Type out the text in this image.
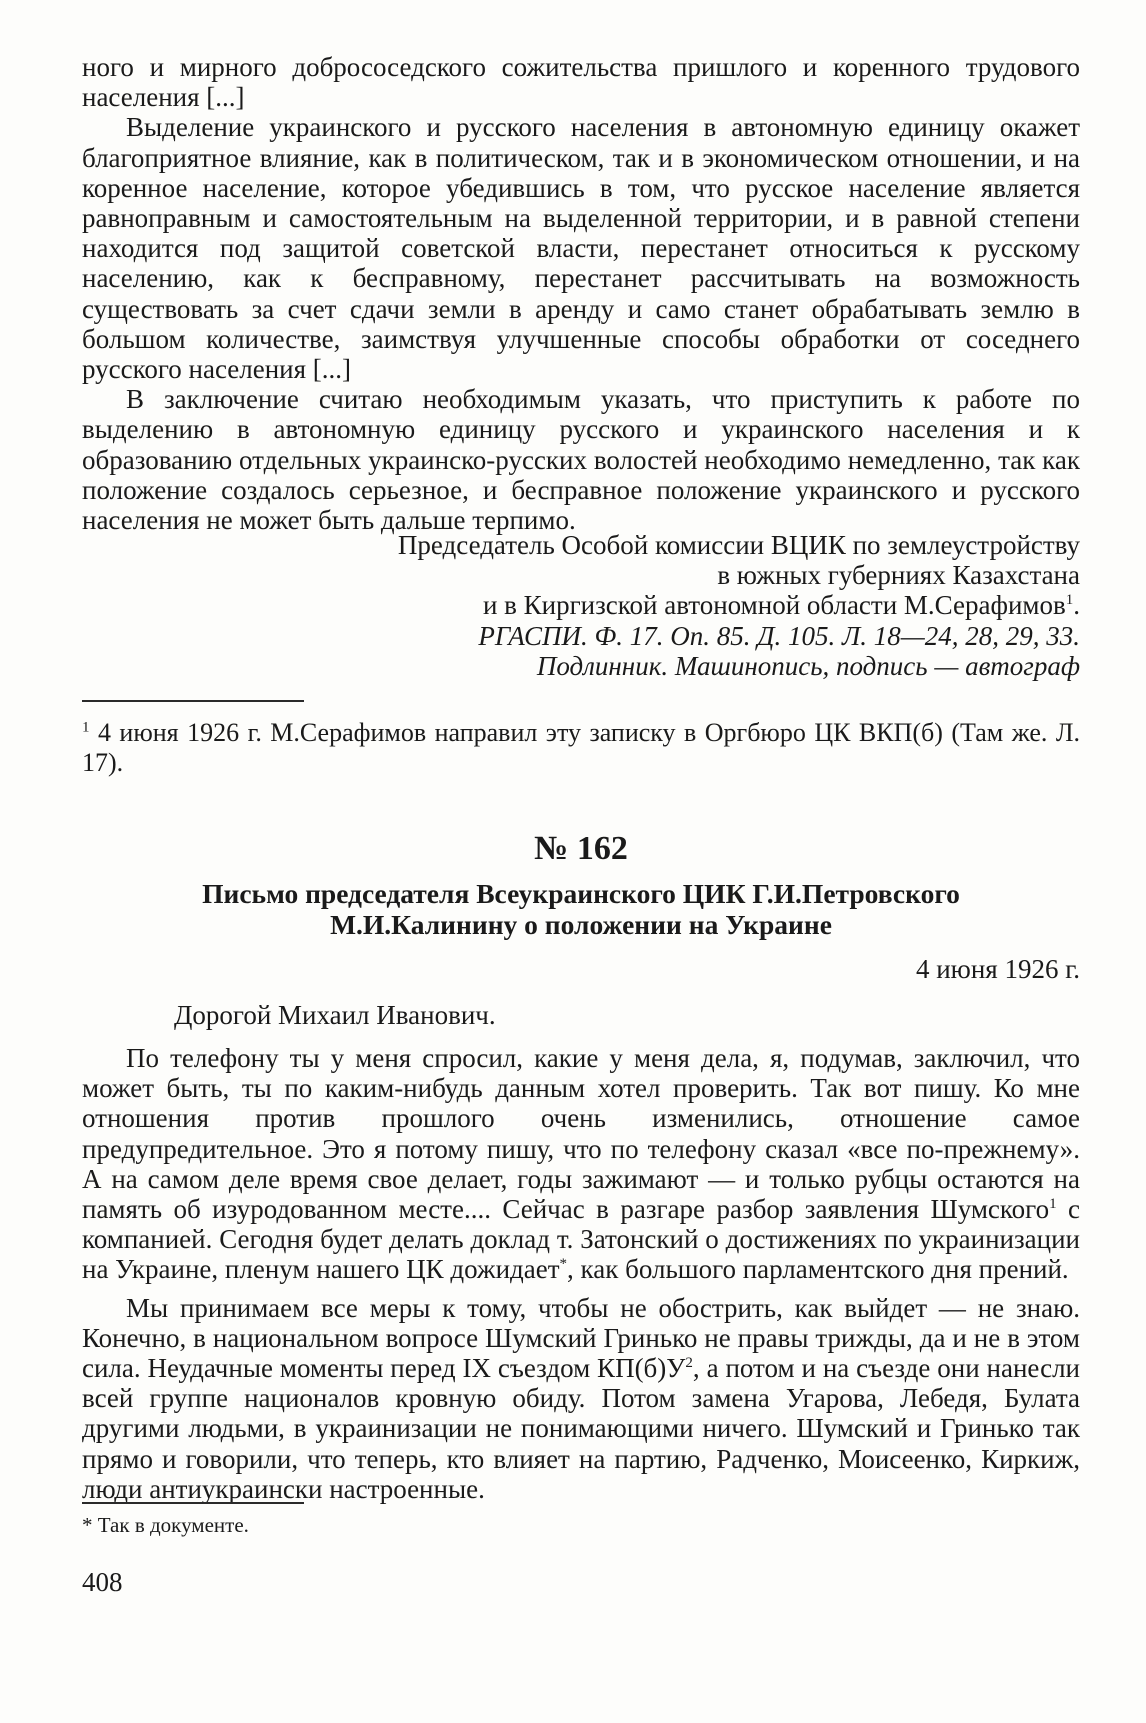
ного и мирного добрососедского сожительства пришлого и коренного трудового населения [...]

Выделение украинского и русского населения в автономную единицу окажет благоприятное влияние, как в политическом, так и в экономическом отношении, и на коренное население, которое убедившись в том, что русское население является равноправным и самостоятельным на выделенной территории, и в равной степени находится под защитой советской власти, перестанет относиться к русскому населению, как к бесправному, перестанет рассчитывать на возможность существовать за счет сдачи земли в аренду и само станет обрабатывать землю в большом количестве, заимствуя улучшенные способы обработки от соседнего русского населения [...]

В заключение считаю необходимым указать, что приступить к работе по выделению в автономную единицу русского и украинского населения и к образованию отдельных украинско-русских волостей необходимо немедленно, так как положение создалось серьезное, и бесправное положение украинского и русского населения не может быть дальше терпимо.

Председатель Особой комиссии ВЦИК по землеустройству

в южных губерниях Казахстана

и в Киргизской автономной области М.Серафимов$^1$.

РГАСПИ. Ф. 17. Оп. 85. Д. 105. Л. 18—24, 28, 29, 33.

Подлинник. Машинопись, подпись — автограф

$^1$ 4 июня 1926 г. М.Серафимов направил эту записку в Оргбюро ЦК ВКП(б) (Там же. Л. 17).

№ 162
Письмо председателя Всеукраинского ЦИК Г.И.Петровского
М.И.Калинину о положении на Украине

4 июня 1926 г.

Дорогой Михаил Иванович.

По телефону ты у меня спросил, какие у меня дела, я, подумав, заключил, что может быть, ты по каким-нибудь данным хотел проверить. Так вот пишу. Ко мне отношения против прошлого очень изменились, отношение самое предупредительное. Это я потому пишу, что по телефону сказал «все по-прежнему». А на самом деле время свое делает, годы зажимают — и только рубцы остаются на память об изуродованном месте.... Сейчас в разгаре разбор заявления Шумского$^1$ с компанией. Сегодня будет делать доклад т. Затонский о достижениях по украинизации на Украине, пленум нашего ЦК дожидает*, как большого парламентского дня прений.

Мы принимаем все меры к тому, чтобы не обострить, как выйдет — не знаю. Конечно, в национальном вопросе Шумский Гринько не правы трижды, да и не в этом сила. Неудачные моменты перед IX съездом $КП(б)У^2$, а потом и на съезде они нанесли всей группе националов кровную обиду. Потом замена Угарова, Лебедя, Булата другими людьми, в украинизации не понимающими ничего. Шумский и Гринько так прямо и говорили, что теперь, кто влияет на партию, Радченко, Моисеенко, Киркиж, люди антиукраински настроенные.

* Так в документе.

408
